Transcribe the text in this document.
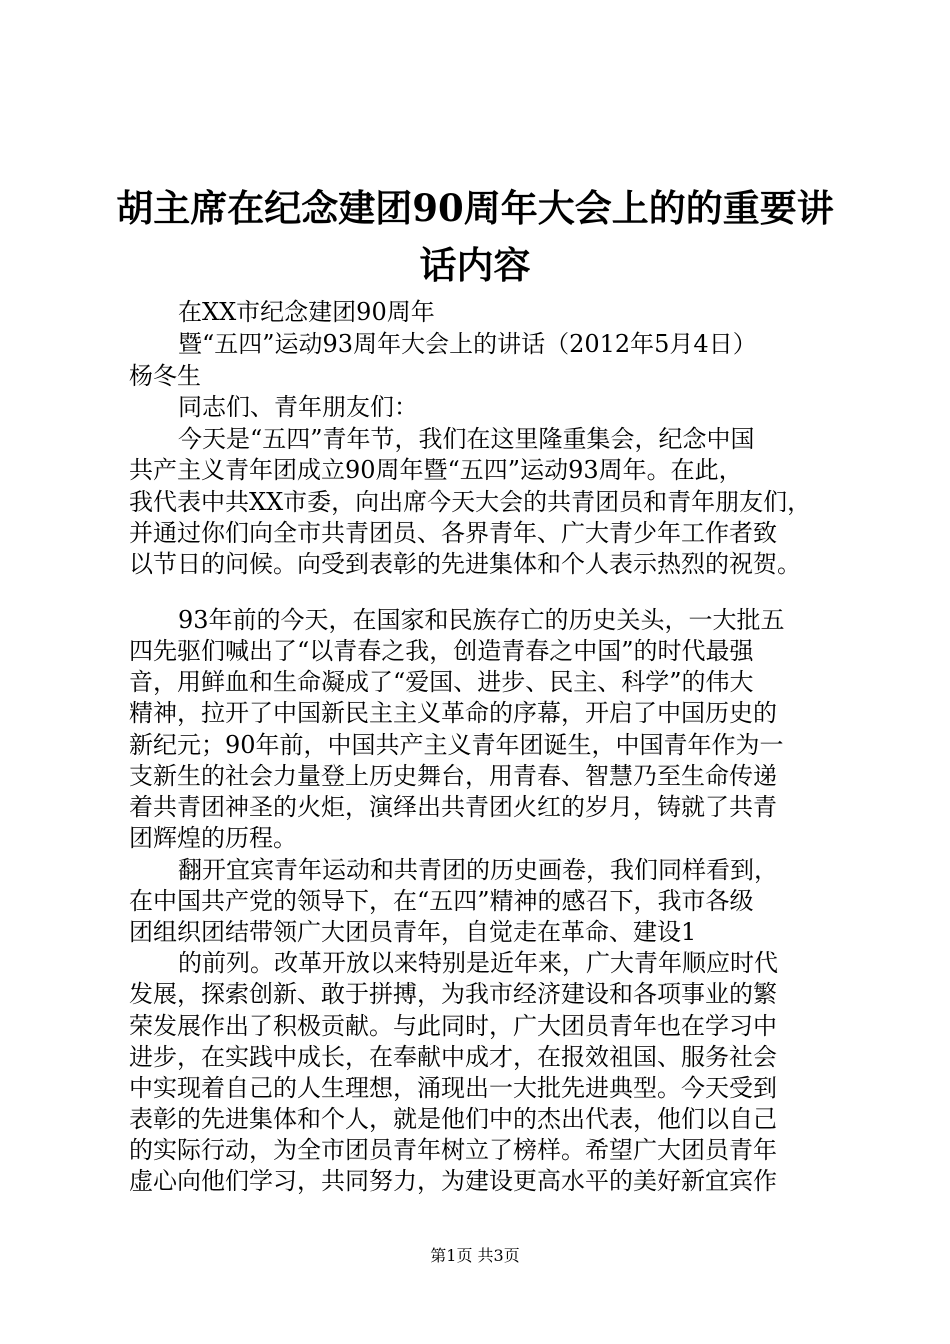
胡主席在纪念建团90周年大会上的的重要讲
话内容
在XX市纪念建团90周年
暨“五四”运动93周年大会上的讲话（2012年5月4日）
杨冬生
同志们、青年朋友们：
今天是“五四”青年节，我们在这里隆重集会，纪念中国
共产主义青年团成立90周年暨“五四”运动93周年。在此，
我代表中共XX市委，向出席今天大会的共青团员和青年朋友们，
并通过你们向全市共青团员、各界青年、广大青少年工作者致
以节日的问候。向受到表彰的先进集体和个人表示热烈的祝贺。
93年前的今天，在国家和民族存亡的历史关头，一大批五
四先驱们喊出了“以青春之我，创造青春之中国”的时代最强
音，用鲜血和生命凝成了“爱国、进步、民主、科学”的伟大
精神，拉开了中国新民主主义革命的序幕，开启了中国历史的
新纪元；90年前，中国共产主义青年团诞生，中国青年作为一
支新生的社会力量登上历史舞台，用青春、智慧乃至生命传递
着共青团神圣的火炬，演绎出共青团火红的岁月，铸就了共青
团辉煌的历程。
翻开宜宾青年运动和共青团的历史画卷，我们同样看到，
在中国共产党的领导下，在“五四”精神的感召下，我市各级
团组织团结带领广大团员青年，自觉走在革命、建设1
的前列。改革开放以来特别是近年来，广大青年顺应时代
发展，探索创新、敢于拼搏，为我市经济建设和各项事业的繁
荣发展作出了积极贡献。与此同时，广大团员青年也在学习中
进步，在实践中成长，在奉献中成才，在报效祖国、服务社会
中实现着自己的人生理想，涌现出一大批先进典型。今天受到
表彰的先进集体和个人，就是他们中的杰出代表，他们以自己
的实际行动，为全市团员青年树立了榜样。希望广大团员青年
虚心向他们学习，共同努力，为建设更高水平的美好新宜宾作
第1页 共3页
